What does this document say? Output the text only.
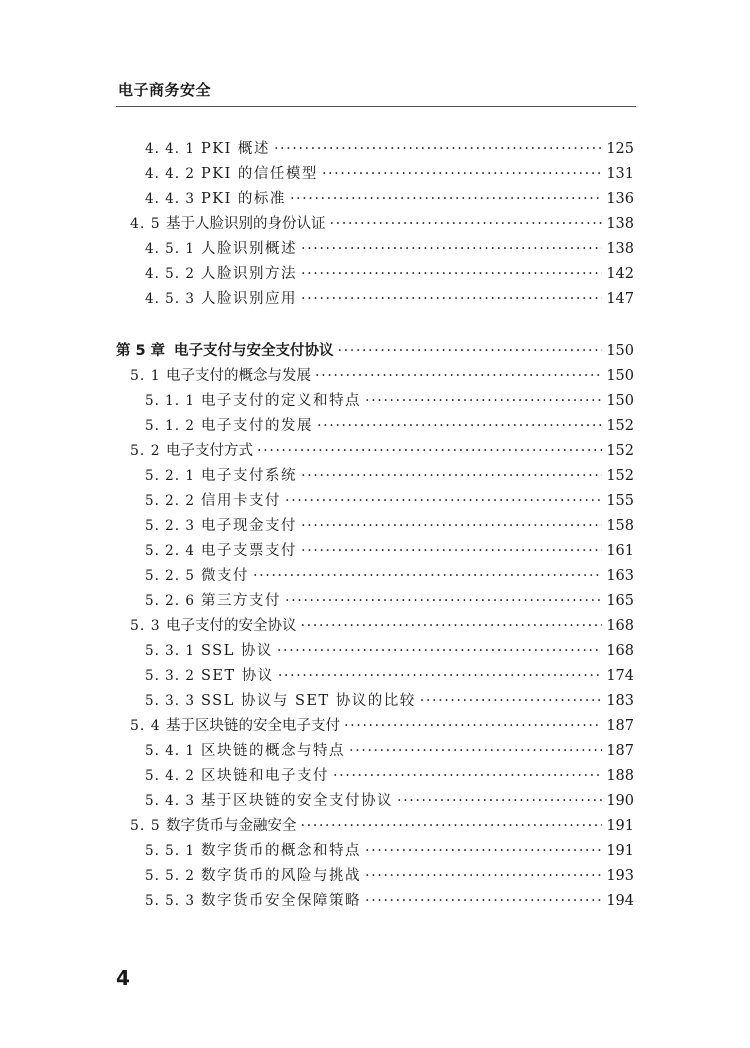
电子商务安全
4. 4. 1 PKI 概述 ·····	125
4. 4. 2 PKI 的信任模型 ·····	131
4. 4. 3 PKI 的标准 ·····	136
4. 5 基于人脸识别的身份认证 ·····	138
4. 5. 1 人脸识别概述 ·····	138
4. 5. 2 人脸识别方法 ·····	142
4. 5. 3 人脸识别应用 ·····	147
第 5 章 电子支付与安全支付协议 ·····	150
5. 1 电子支付的概念与发展 ·····	150
5. 1. 1 电子支付的定义和特点 ·····	150
5. 1. 2 电子支付的发展 ·····	152
5. 2 电子支付方式 ·····	152
5. 2. 1 电子支付系统 ·····	152
5. 2. 2 信用卡支付 ·····	155
5. 2. 3 电子现金支付 ·····	158
5. 2. 4 电子支票支付 ·····	161
5. 2. 5 微支付 ·····	163
5. 2. 6 第三方支付 ·····	165
5. 3 电子支付的安全协议 ·····	168
5. 3. 1 SSL 协议 ·····	168
5. 3. 2 SET 协议 ·····	174
5. 3. 3 SSL 协议与 SET 协议的比较 ·····	183
5. 4 基于区块链的安全电子支付 ·····	187
5. 4. 1 区块链的概念与特点 ·····	187
5. 4. 2 区块链和电子支付 ·····	188
5. 4. 3 基于区块链的安全支付协议 ·····	190
5. 5 数字货币与金融安全 ·····	191
5. 5. 1 数字货币的概念和特点 ·····	191
5. 5. 2 数字货币的风险与挑战 ·····	193
5. 5. 3 数字货币安全保障策略 ·····	194
4
